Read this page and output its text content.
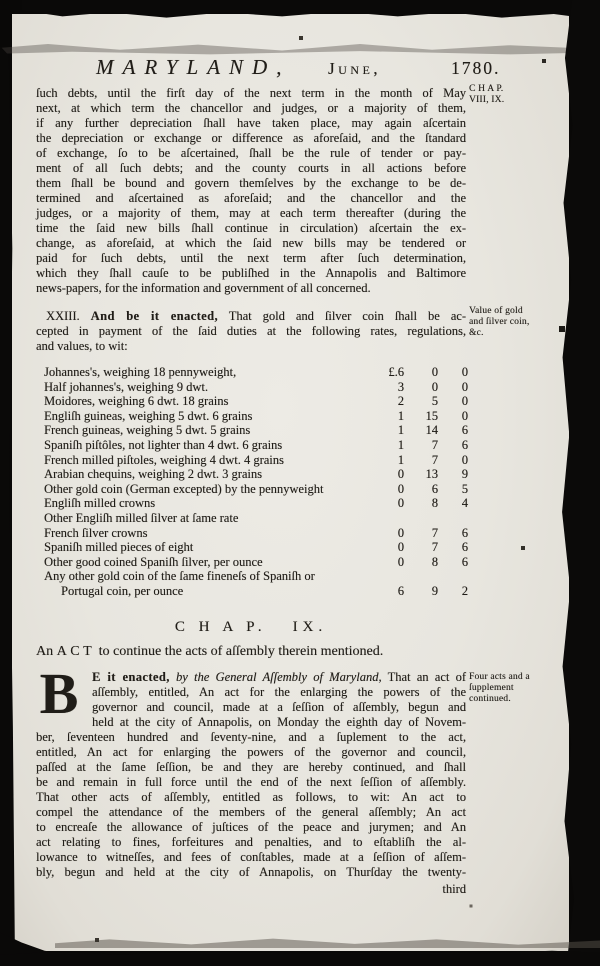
MARYLAND, June,	1780.
C H A P.
VIII, IX.
Value of gold and ſilver coin, &c.
Four acts and a ſupplement continued.
ſuch debts, until the firſt day of the next term in the month of May
next, at which term the chancellor and judges, or a majority of them,
if any further depreciation ſhall have taken place, may again aſcertain
the depreciation or exchange or difference as aforeſaid, and the ſtandard
of exchange, ſo to be aſcertained, ſhall be the rule of tender or pay-
ment of all ſuch debts; and the county courts in all actions before
them ſhall be bound and govern themſelves by the exchange to be de-
termined and aſcertained as aforeſaid; and the chancellor and the
judges, or a majority of them, may at each term thereafter (during the
time the ſaid new bills ſhall continue in circulation) aſcertain the ex-
change, as aforeſaid, at which the ſaid new bills may be tendered or
paid for ſuch debts, until the next term after ſuch determination,
which they ſhall cauſe to be publiſhed in the Annapolis and Baltimore
news-papers, for the information and government of all concerned.
XXIII. And be it enacted, That gold and ſilver coin ſhall be ac-
cepted in payment of the ſaid duties at the following rates, regulations,
and values, to wit:
Johannes's, weighing 18 pennyweight,	£.6	0	0
Half johannes's, weighing 9 dwt.	3	0	0
Moidores, weighing 6 dwt. 18 grains	2	5	0
Engliſh guineas, weighing 5 dwt. 6 grains	1	15	0
French guineas, weighing 5 dwt. 5 grains	1	14	6
Spaniſh piſtôles, not lighter than 4 dwt. 6 grains	1	7	6
French milled piſtoles, weighing 4 dwt. 4 grains	1	7	0
Arabian chequins, weighing 2 dwt. 3 grains	0	13	9
Other gold coin (German excepted) by the pennyweight	0	6	5
Engliſh milled crowns	0	8	4
Other Engliſh milled ſilver at ſame rate
French ſilver crowns	0	7	6
Spaniſh milled pieces of eight	0	7	6
Other good coined Spaniſh ſilver, per ounce	0	8	6
Any other gold coin of the ſame fineneſs of Spaniſh or
Portugal coin, per ounce	6	9	2
C H A P. IX.
An ACT to continue the acts of aſſembly therein mentioned.
B	E it enacted, by the General Aſſembly of Maryland, That an act of
aſſembly, entitled, An act for the enlarging the powers of the
governor and council, made at a ſeſſion of aſſembly, begun and
held at the city of Annapolis, on Monday the eighth day of Novem-
ber, ſeventeen hundred and ſeventy-nine, and a ſuplement to the act,
entitled, An act for enlarging the powers of the governor and council,
paſſed at the ſame ſeſſion, be and they are hereby continued, and ſhall
be and remain in full force until the end of the next ſeſſion of aſſembly.
That other acts of aſſembly, entitled as follows, to wit: An act to
compel the attendance of the members of the general aſſembly; An act
to encreaſe the allowance of juſtices of the peace and jurymen; and An
act relating to fines, forfeitures and penalties, and to eſtabliſh the al-
lowance to witneſſes, and fees of conſtables, made at a ſeſſion of aſſem-
bly, begun and held at the city of Annapolis, on Thurſday the twenty-
third
